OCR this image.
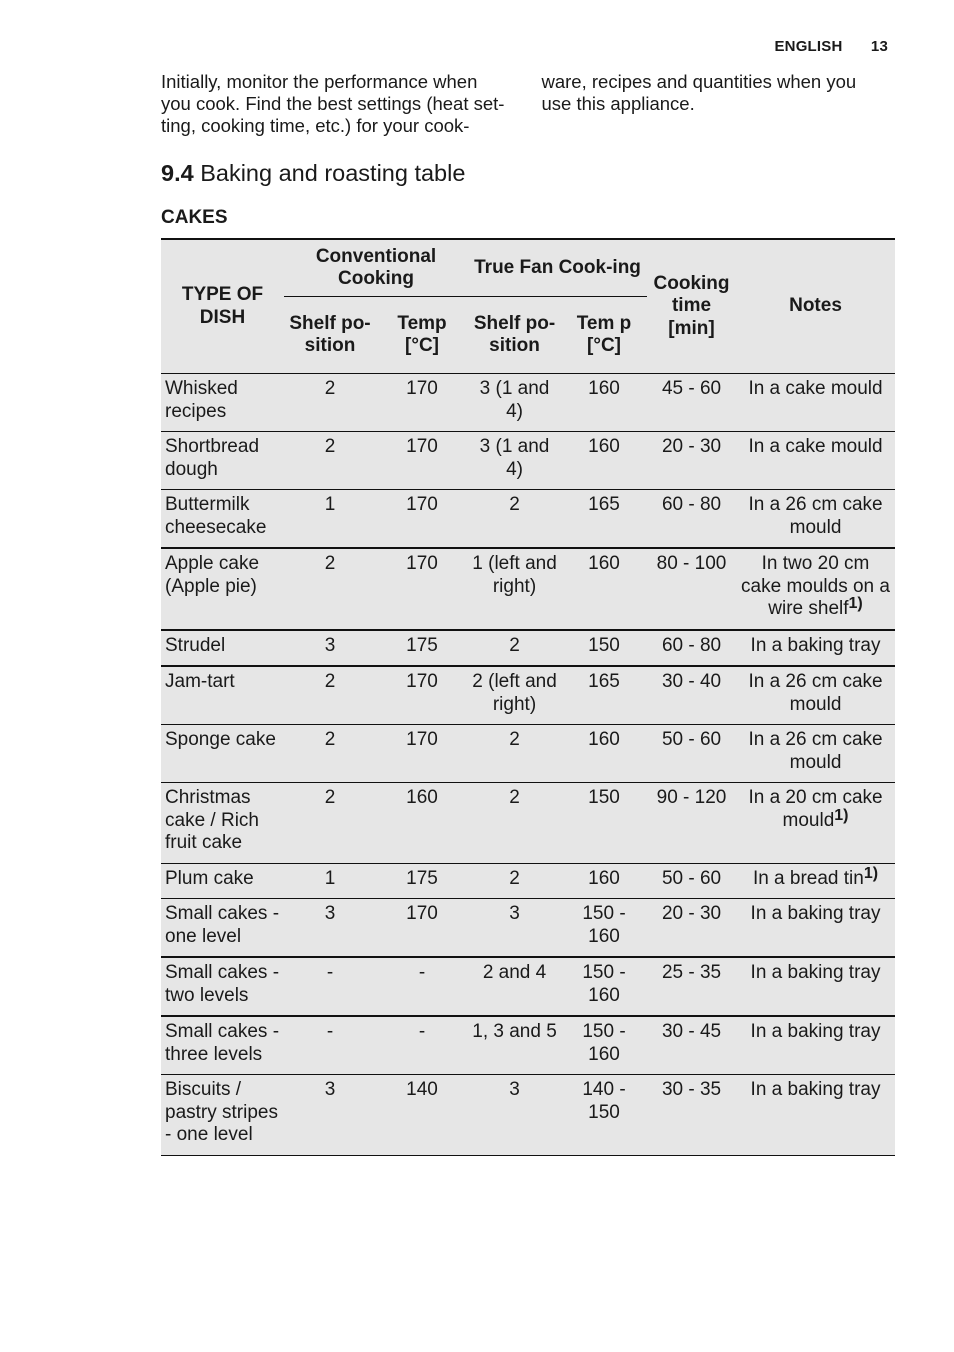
ENGLISH 13
Initially, monitor the performance when you cook. Find the best settings (heat set-ting, cooking time, etc.) for your cook-
ware, recipes and quantities when you use this appliance.
9.4 Baking and roasting table
CAKES
TYPE OF DISH	Conventional Cooking		True Fan Cook-ing		Cooking time [min]	Notes
	Shelf po-sition	Temp [°C]	Shelf po-sition	Tem p [°C]		
Whisked recipes	2	170	3 (1 and 4)	160	45 - 60	In a cake mould
Shortbread dough	2	170	3 (1 and 4)	160	20 - 30	In a cake mould
Buttermilk cheesecake	1	170	2	165	60 - 80	In a 26 cm cake mould
Apple cake (Apple pie)	2	170	1 (left and right)	160	80 - 100	In two 20 cm cake moulds on a wire shelf$^{1)}$
Strudel	3	175	2	150	60 - 80	In a baking tray
Jam-tart	2	170	2 (left and right)	165	30 - 40	In a 26 cm cake mould
Sponge cake	2	170	2	160	50 - 60	In a 26 cm cake mould
Christmas cake / Rich fruit cake	2	160	2	150	90 - 120	In a 20 cm cake mould$^{1)}$
Plum cake	1	175	2	160	50 - 60	In a bread tin$^{1)}$
Small cakes - one level	3	170	3	150 - 160	20 - 30	In a baking tray
Small cakes - two levels	-	-	2 and 4	150 - 160	25 - 35	In a baking tray
Small cakes - three levels	-	-	1, 3 and 5	150 - 160	30 - 45	In a baking tray
Biscuits / pastry stripes - one level	3	140	3	140 - 150	30 - 35	In a baking tray
